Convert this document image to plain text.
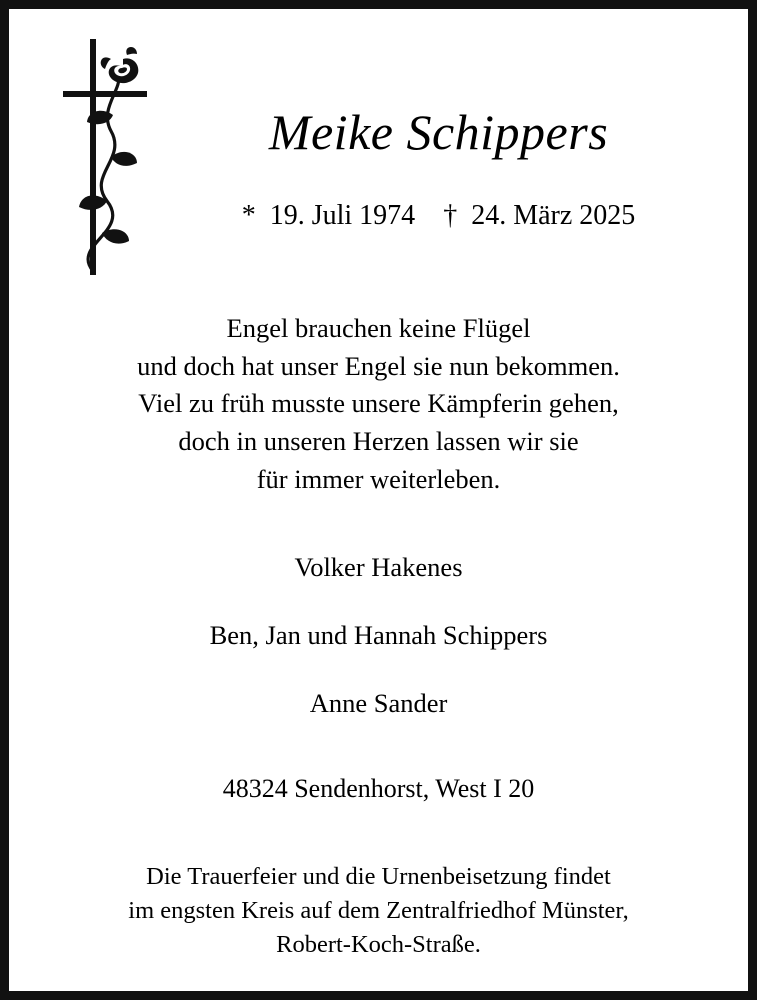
Meike Schippers
* 19. Juli 1974 † 24. März 2025
Engel brauchen keine Flügel
und doch hat unser Engel sie nun bekommen.
Viel zu früh musste unsere Kämpferin gehen,
doch in unseren Herzen lassen wir sie
für immer weiterleben.
Volker Hakenes
Ben, Jan und Hannah Schippers
Anne Sander
48324 Sendenhorst, West I 20
Die Trauerfeier und die Urnenbeisetzung findet
im engsten Kreis auf dem Zentralfriedhof Münster,
Robert-Koch-Straße.
